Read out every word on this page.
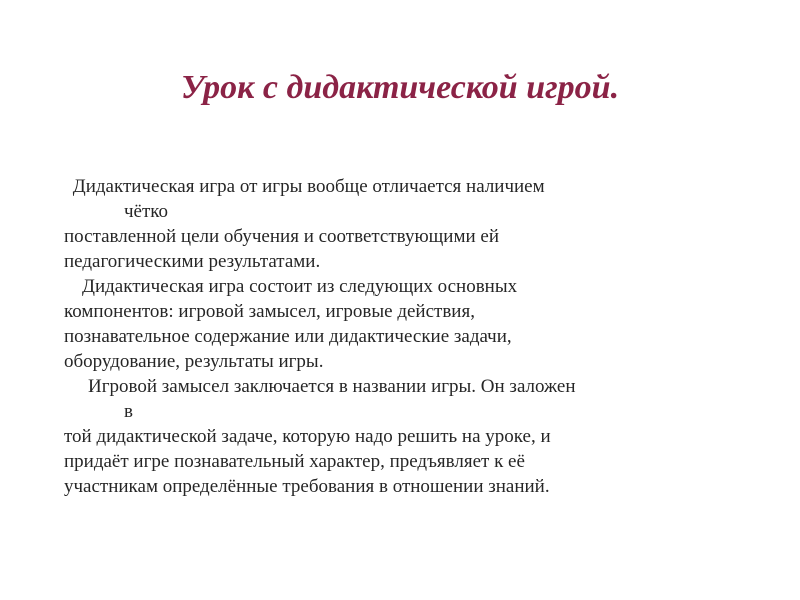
Урок с дидактической игрой.
Дидактическая игра от игры вообще отличается наличием
чётко
поставленной цели обучения и соответствующими ей
педагогическими результатами.
Дидактическая игра состоит из следующих основных
компонентов: игровой замысел, игровые действия,
познавательное содержание или дидактические задачи,
оборудование, результаты игры.
Игровой замысел заключается в названии игры. Он заложен
в
той дидактической задаче, которую надо решить на уроке, и
придаёт игре познавательный характер, предъявляет к её
участникам определённые требования в отношении знаний.
